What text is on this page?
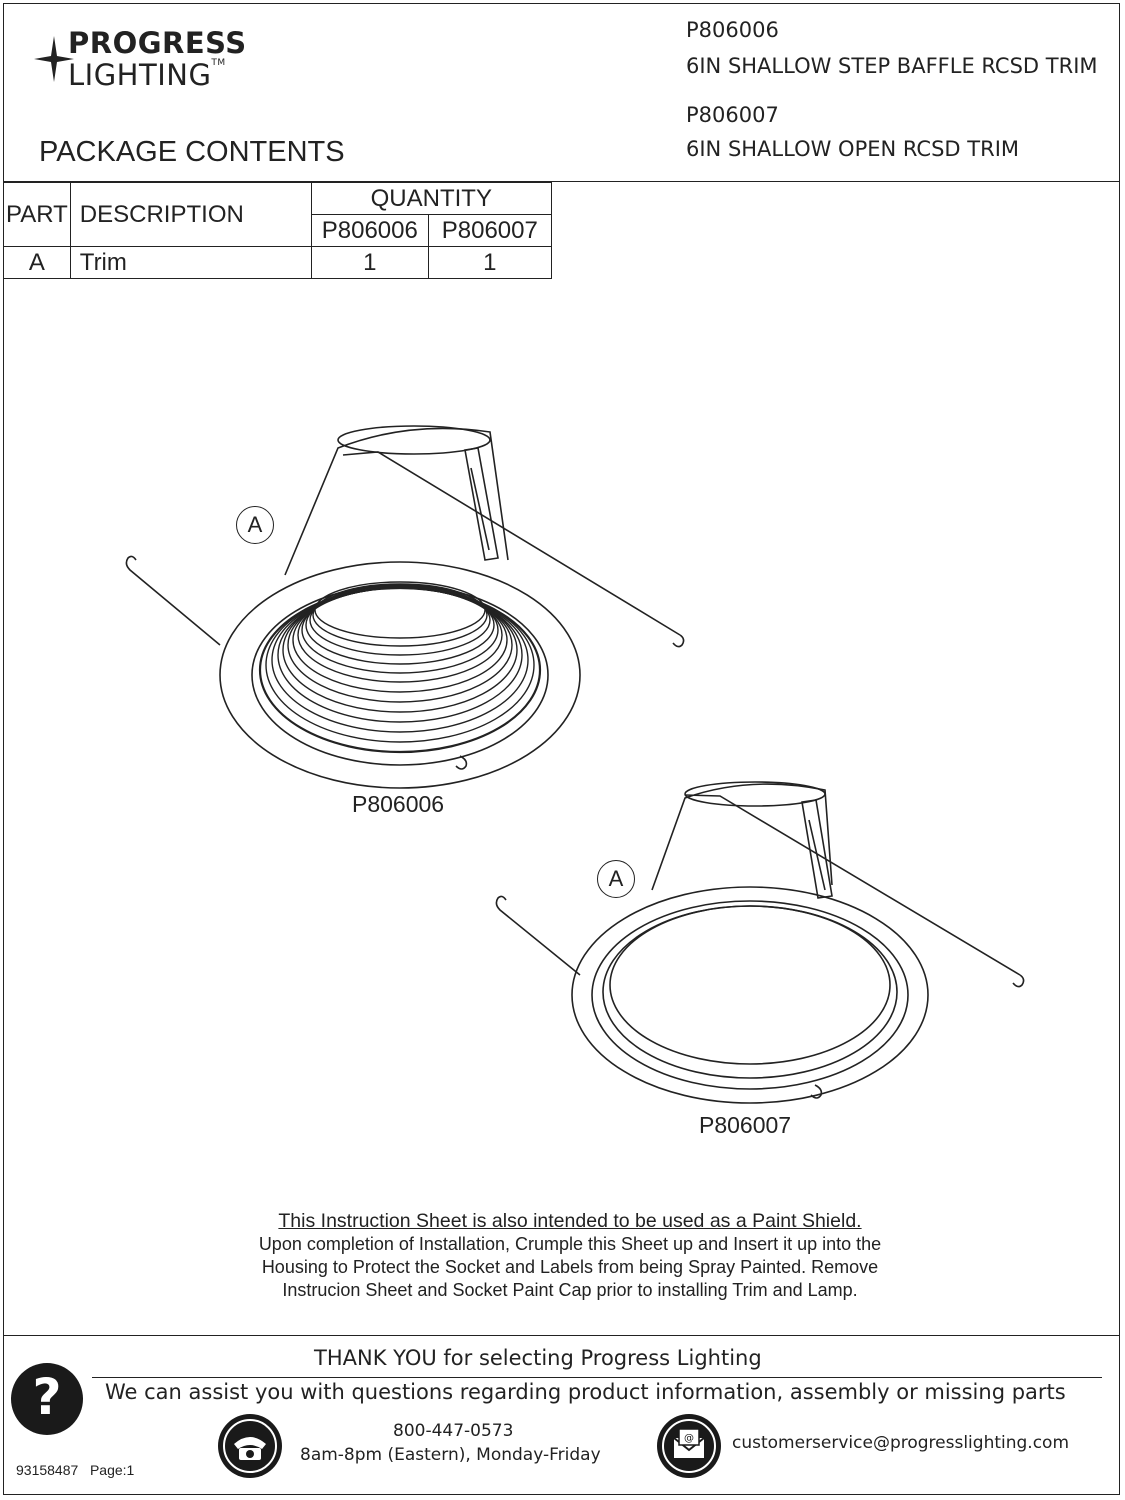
PROGRESS
LIGHTING™
PACKAGE CONTENTS
P806006
6IN SHALLOW STEP BAFFLE RCSD TRIM
P806007
6IN SHALLOW OPEN RCSD TRIM
PART	DESCRIPTION	QUANTITY	
		P806006	P806007
A	Trim	1	1
A
P806006
A
P806007
This Instruction Sheet is also intended to be used as a Paint Shield.
Upon completion of Installation, Crumple this Sheet up and Insert it up into the
Housing to Protect the Socket and Labels from being Spray Painted. Remove
Instrucion Sheet and Socket Paint Cap prior to installing Trim and Lamp.
THANK YOU for selecting Progress Lighting
We can assist you with questions regarding product information, assembly or missing parts
?
800-447-0573
8am-8pm (Eastern), Monday-Friday
@ customerservice@progresslighting.com
93158487 Page:1
